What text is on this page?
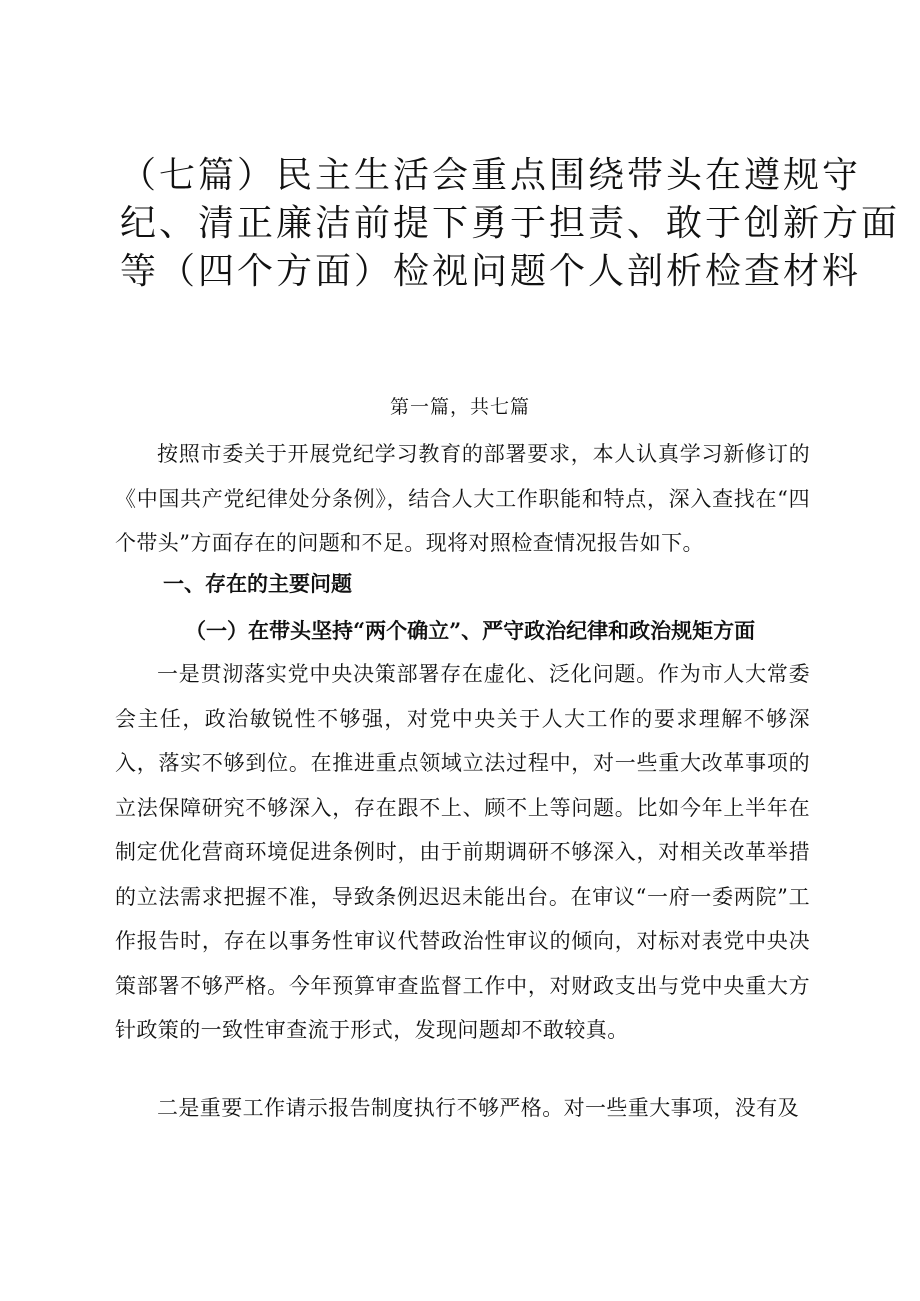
（七篇）民主生活会重点围绕带头在遵规守
纪、清正廉洁前提下勇于担责、敢于创新方面
等（四个方面）检视问题个人剖析检查材料
第一篇，共七篇

按照市委关于开展党纪学习教育的部署要求，本人认真学习新修订的《中国共产党纪律处分条例》，结合人大工作职能和特点，深入查找在“四个带头”方面存在的问题和不足。现将对照检查情况报告如下。

一、存在的主要问题
（一）在带头坚持“两个确立”、严守政治纪律和政治规矩方面

一是贯沏落实党中央决策部署存在虚化、泛化问题。作为市人大常委会主任，政治敏锐性不够强，对党中央关于人大工作的要求理解不够深入，落实不够到位。在推进重点领域立法过程中，对一些重大改革事项的立法保障研究不够深入，存在跟不上、顾不上等问题。比如今年上半年在制定优化营商环境促进条例时，由于前期调研不够深入，对相关改革举措的立法需求把握不准，导致条例迟迟未能出台。在审议“一府一委两院”工作报告时，存在以事务性审议代替政治性审议的倾向，对标对表党中央决策部署不够严格。今年预算审查监督工作中，对财政支出与党中央重大方针政策的一致性审查流于形式，发现问题却不敢较真。

二是重要工作请示报告制度执行不够严格。对一些重大事项，没有及
